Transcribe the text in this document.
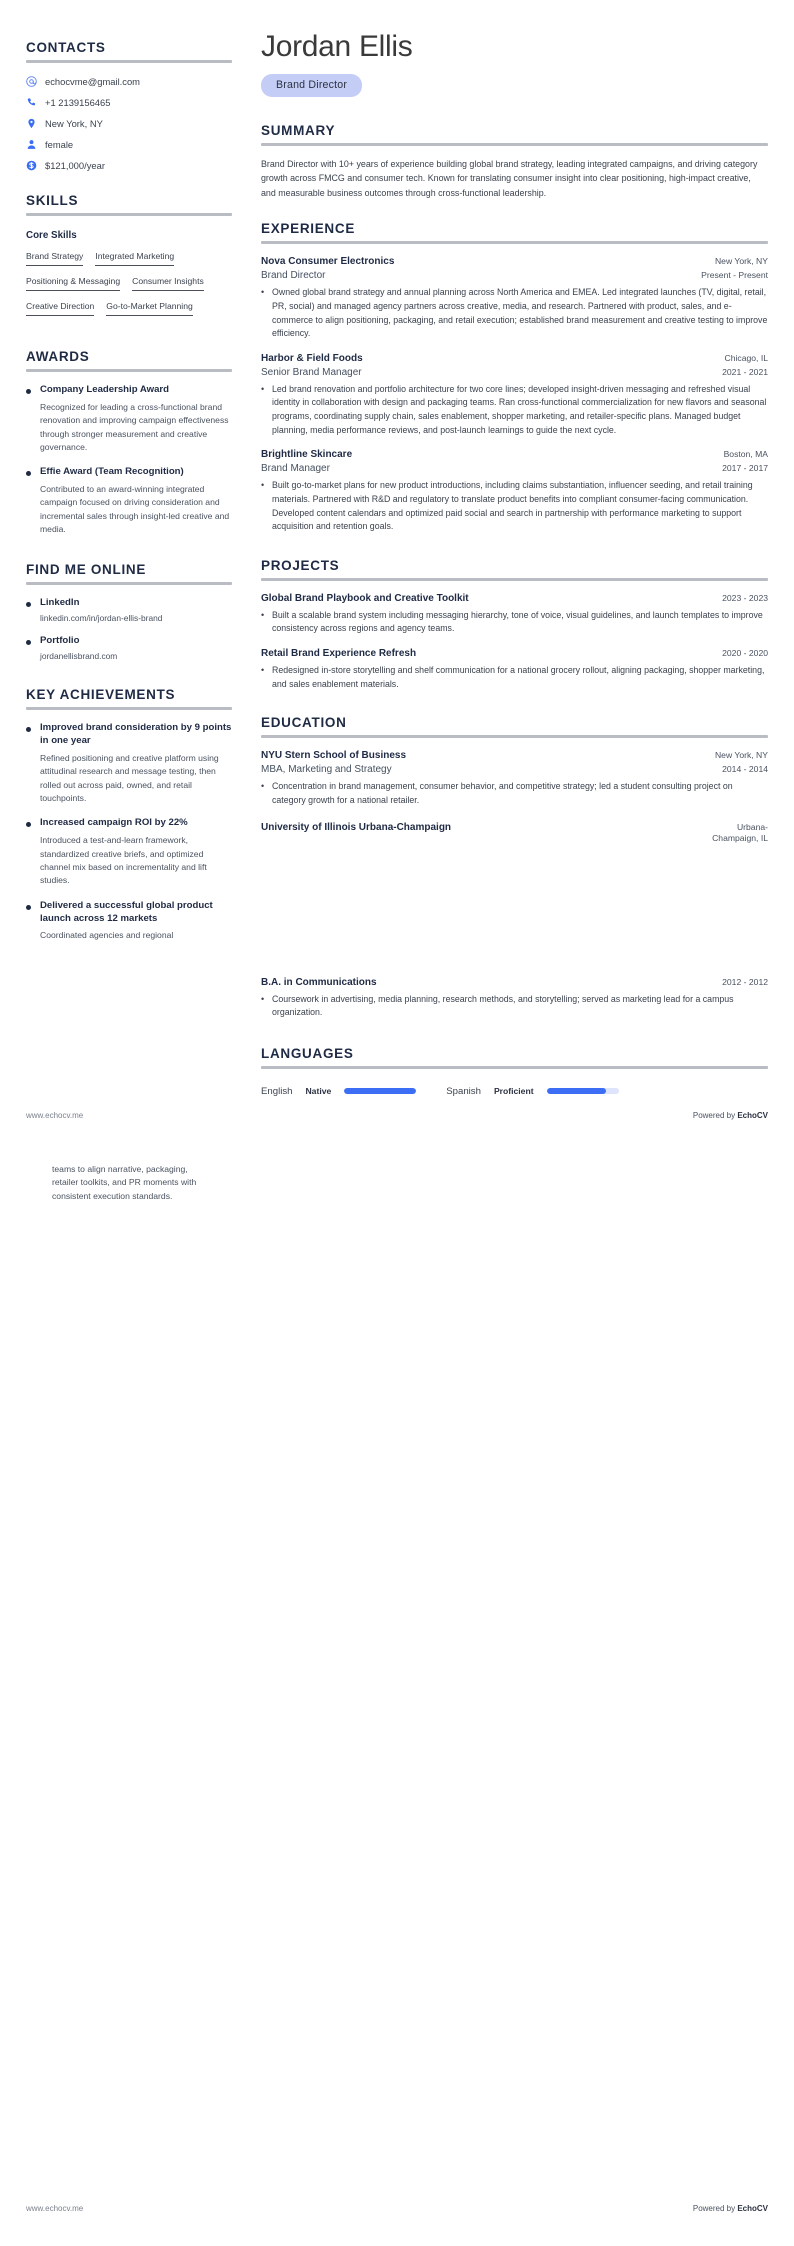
CONTACTS
echocvme@gmail.com
+1 2139156465
New York, NY
female
$121,000/year
SKILLS
Core Skills
Brand Strategy Integrated Marketing
Positioning & Messaging Consumer Insights
Creative Direction Go-to-Market Planning
AWARDS
Company Leadership Award
Recognized for leading a cross-functional brand renovation and improving campaign effectiveness through stronger measurement and creative governance.
Effie Award (Team Recognition)
Contributed to an award-winning integrated campaign focused on driving consideration and incremental sales through insight-led creative and media.
FIND ME ONLINE
LinkedIn
linkedin.com/in/jordan-ellis-brand
Portfolio
jordanellisbrand.com
KEY ACHIEVEMENTS
Improved brand consideration by 9 points in one year
Refined positioning and creative platform using attitudinal research and message testing, then rolled out across paid, owned, and retail touchpoints.
Increased campaign ROI by 22%
Introduced a test-and-learn framework, standardized creative briefs, and optimized channel mix based on incrementality and lift studies.
Delivered a successful global product launch across 12 markets
Coordinated agencies and regional
Jordan Ellis
Brand Director
SUMMARY
Brand Director with 10+ years of experience building global brand strategy, leading integrated campaigns, and driving category growth across FMCG and consumer tech. Known for translating consumer insight into clear positioning, high-impact creative, and measurable business outcomes through cross-functional leadership.
EXPERIENCE
Nova Consumer Electronics	New York, NY
Brand Director	Present - Present
• Owned global brand strategy and annual planning across North America and EMEA. Led integrated launches (TV, digital, retail, PR, social) and managed agency partners across creative, media, and research. Partnered with product, sales, and e-commerce to align positioning, packaging, and retail execution; established brand measurement and creative testing to improve efficiency.
Harbor & Field Foods	Chicago, IL
Senior Brand Manager	2021 - 2021
• Led brand renovation and portfolio architecture for two core lines; developed insight-driven messaging and refreshed visual identity in collaboration with design and packaging teams. Ran cross-functional commercialization for new flavors and seasonal programs, coordinating supply chain, sales enablement, shopper marketing, and retailer-specific plans. Managed budget planning, media performance reviews, and post-launch learnings to guide the next cycle.
Brightline Skincare	Boston, MA
Brand Manager	2017 - 2017
• Built go-to-market plans for new product introductions, including claims substantiation, influencer seeding, and retail training materials. Partnered with R&D and regulatory to translate product benefits into compliant consumer-facing communication. Developed content calendars and optimized paid social and search in partnership with performance marketing to support acquisition and retention goals.
PROJECTS
Global Brand Playbook and Creative Toolkit	2023 - 2023
• Built a scalable brand system including messaging hierarchy, tone of voice, visual guidelines, and launch templates to improve consistency across regions and agency teams.
Retail Brand Experience Refresh	2020 - 2020
• Redesigned in-store storytelling and shelf communication for a national grocery rollout, aligning packaging, shopper marketing, and sales enablement materials.
EDUCATION
NYU Stern School of Business	New York, NY
MBA, Marketing and Strategy	2014 - 2014
• Concentration in brand management, consumer behavior, and competitive strategy; led a student consulting project on category growth for a national retailer.
University of Illinois Urbana-Champaign	Urbana-Champaign, IL
B.A. in Communications	2012 - 2012
• Coursework in advertising, media planning, research methods, and storytelling; served as marketing lead for a campus organization.
LANGUAGES
English Native	Spanish Proficient
teams to align narrative, packaging, retailer toolkits, and PR moments with consistent execution standards.
www.echocv.me	Powered by EchoCV
www.echocv.me	Powered by EchoCV
